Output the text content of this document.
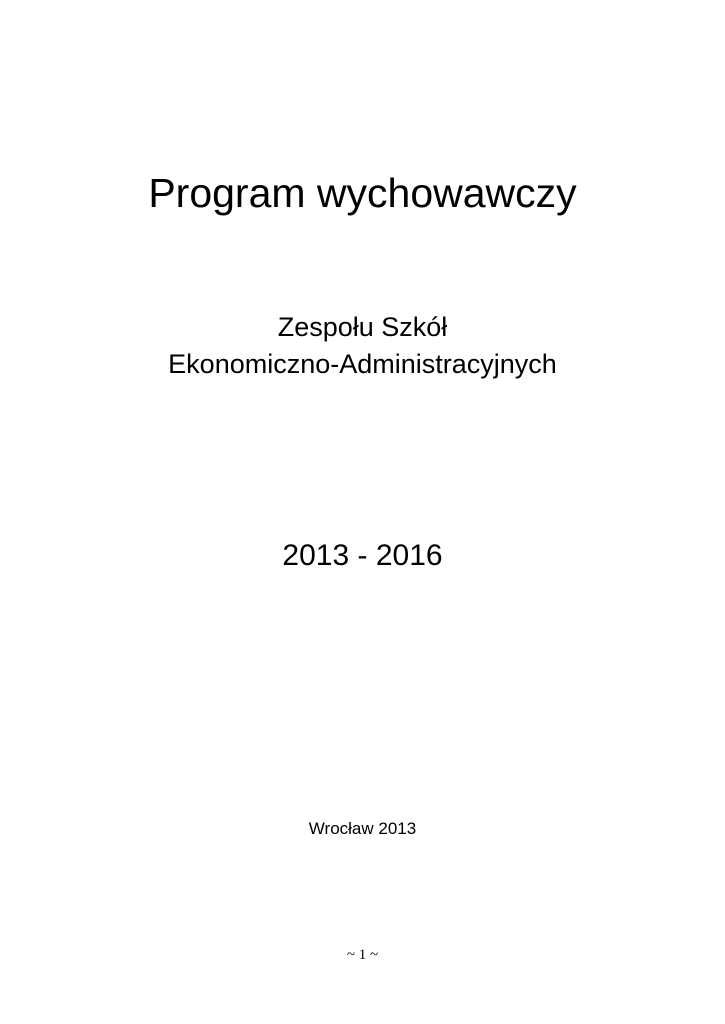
Program wychowawczy
Zespołu Szkół
Ekonomiczno-Administracyjnych
2013 - 2016
Wrocław 2013
~ 1 ~
